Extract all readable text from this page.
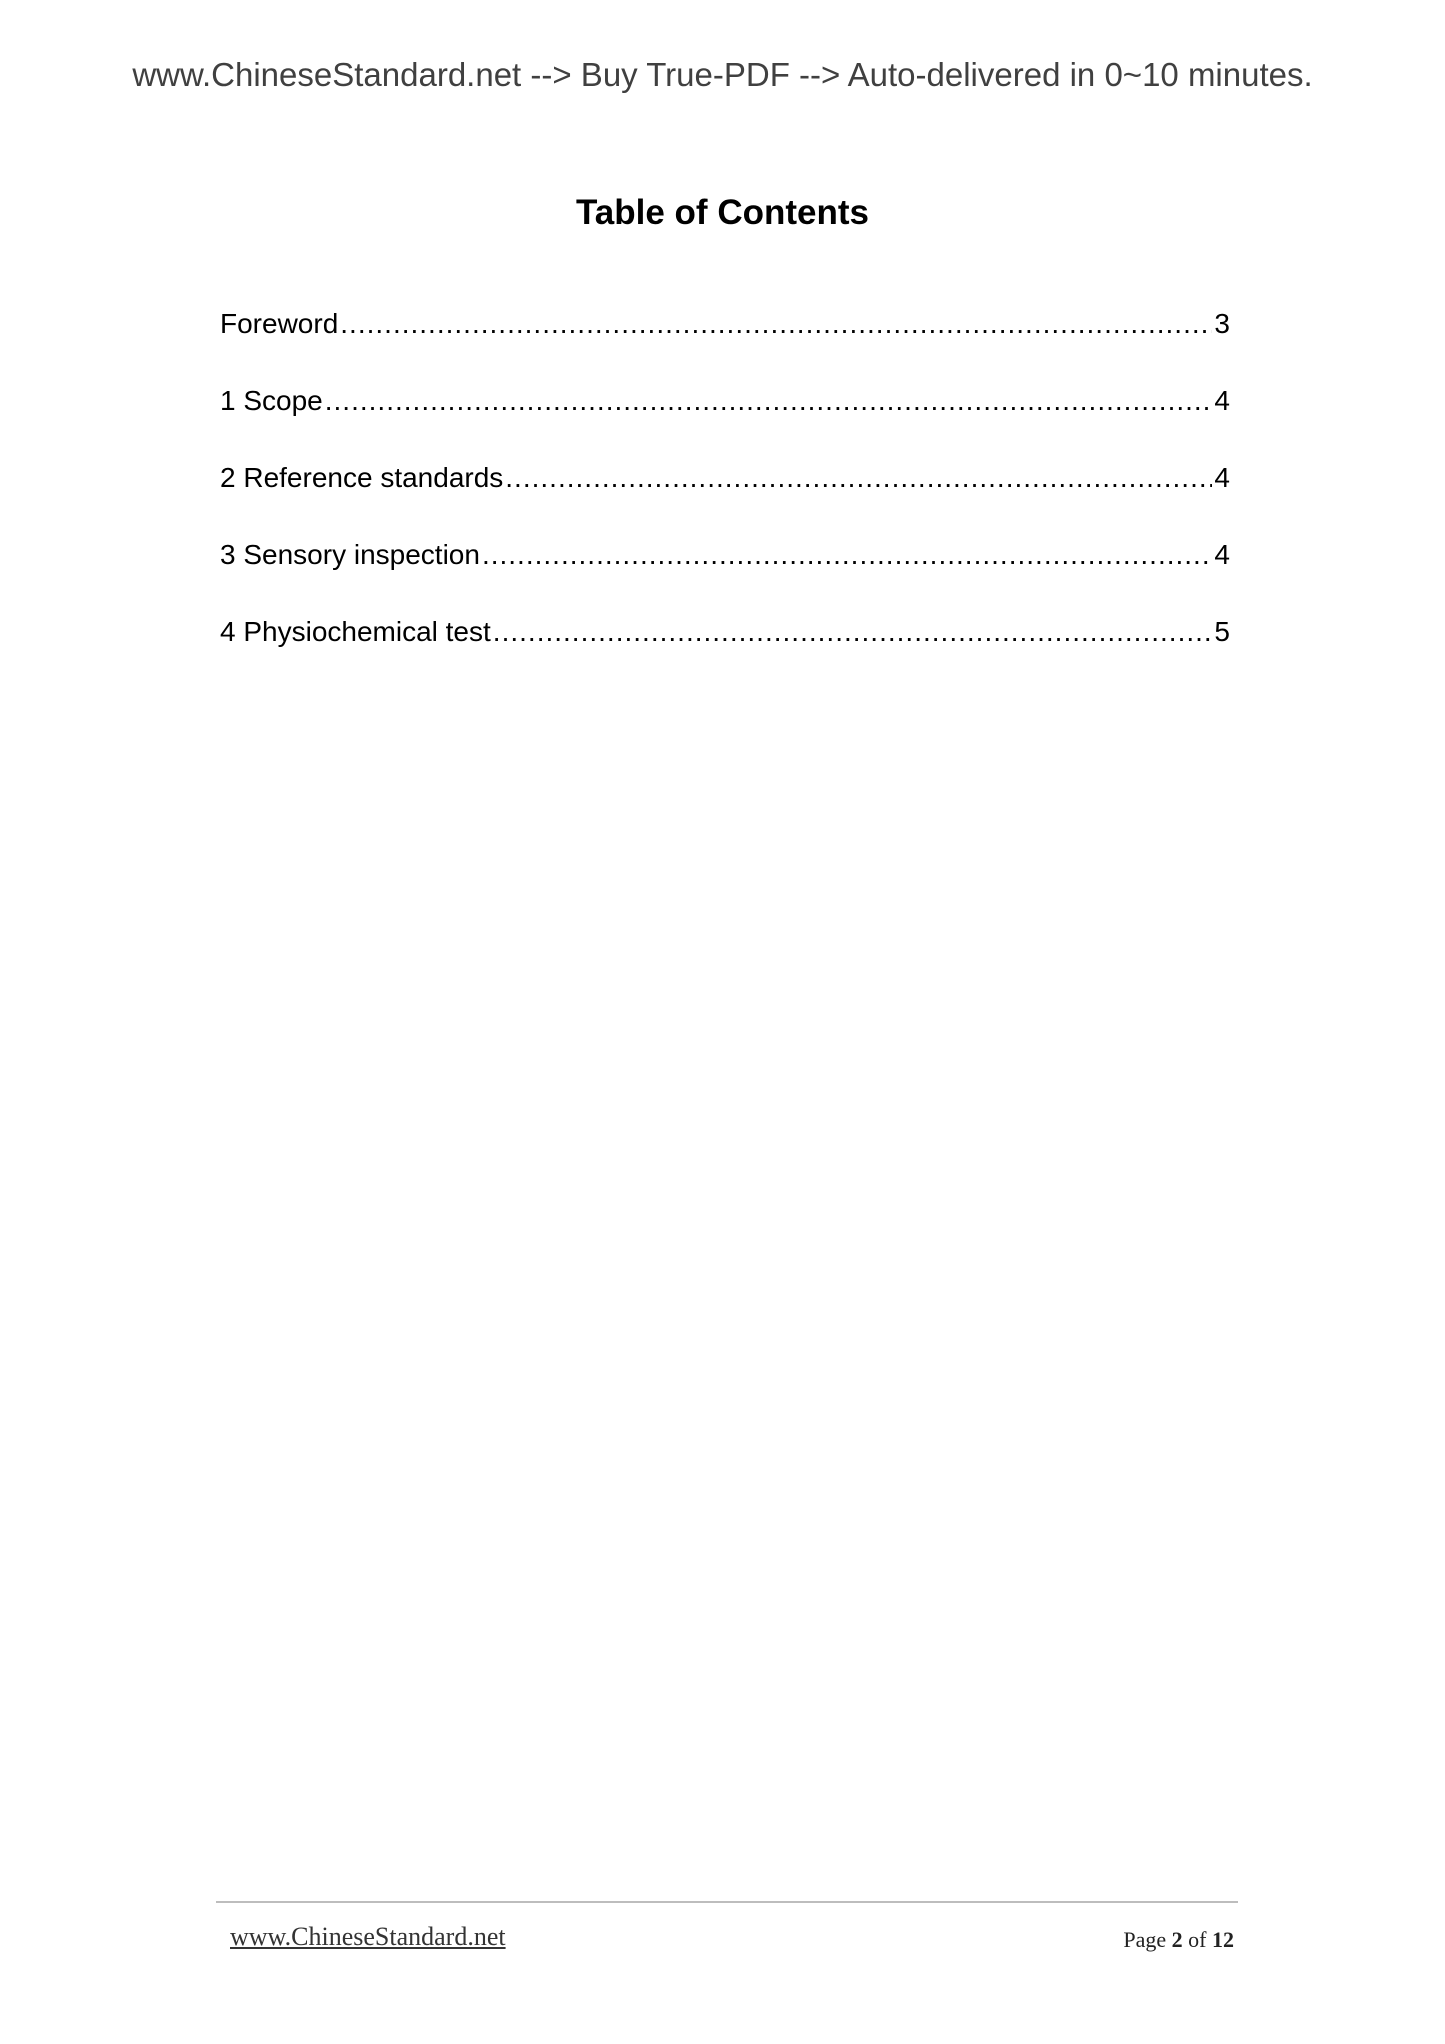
www.ChineseStandard.net --> Buy True-PDF --> Auto-delivered in 0~10 minutes.
Table of Contents
Foreword .....	3
1 Scope .....	4
2 Reference standards .....	4
3 Sensory inspection .....	4
4 Physiochemical test .....	5
www.ChineseStandard.net	Page 2 of 12
